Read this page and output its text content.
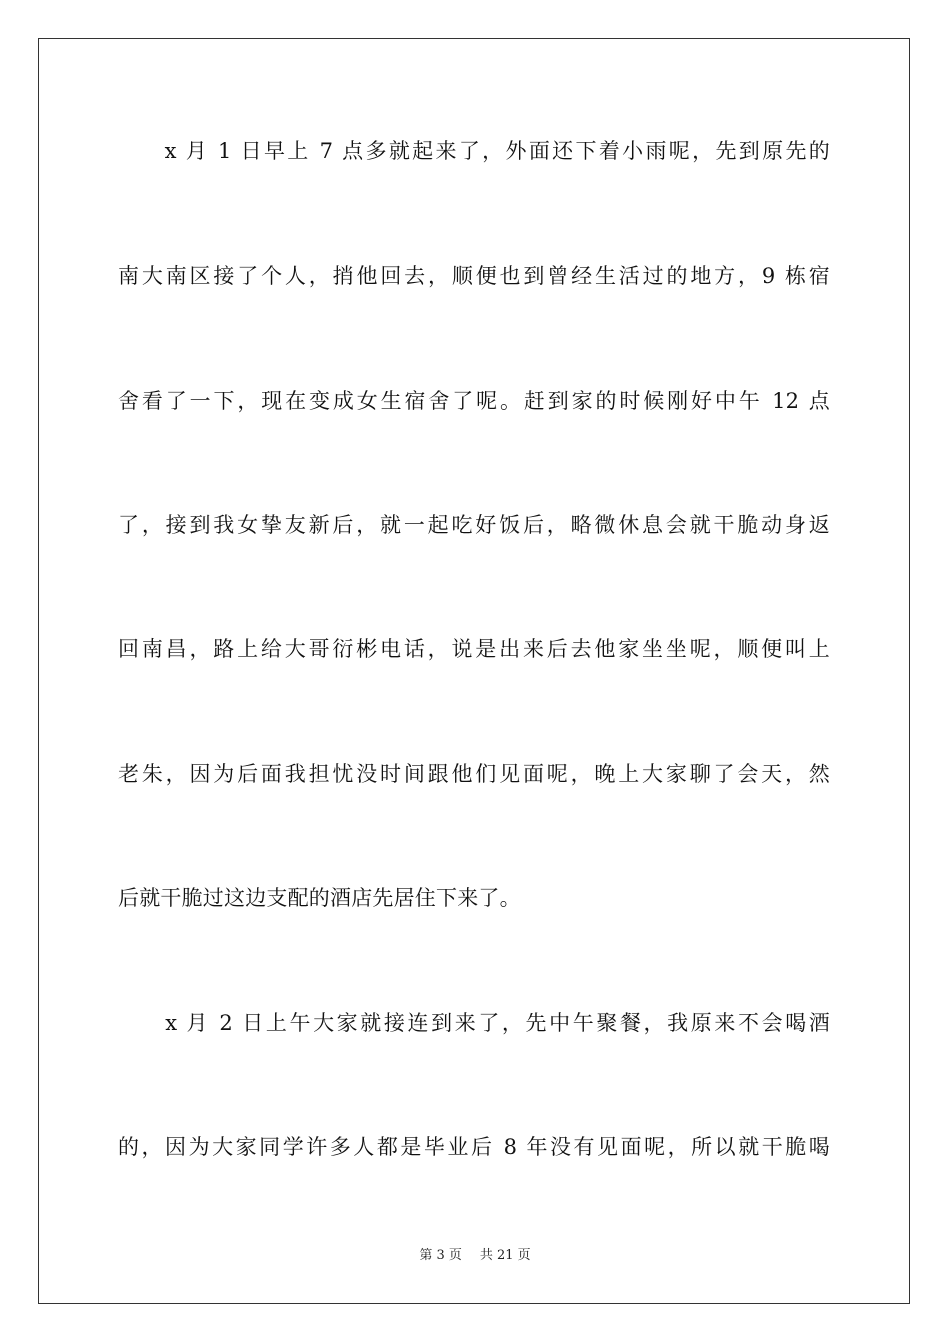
　　x 月 1 日早上 7 点多就起来了，外面还下着小雨呢，先到原先的
南大南区接了个人，捎他回去，顺便也到曾经生活过的地方，9 栋宿
舍看了一下，现在变成女生宿舍了呢。赶到家的时候刚好中午 12 点
了，接到我女挚友新后，就一起吃好饭后，略微休息会就干脆动身返
回南昌，路上给大哥衍彬电话，说是出来后去他家坐坐呢，顺便叫上
老朱，因为后面我担忧没时间跟他们见面呢，晚上大家聊了会天，然
后就干脆过这边支配的酒店先居住下来了。
　　x 月 2 日上午大家就接连到来了，先中午聚餐，我原来不会喝酒
的，因为大家同学许多人都是毕业后 8 年没有见面呢，所以就干脆喝
第 3 页 共 21 页
